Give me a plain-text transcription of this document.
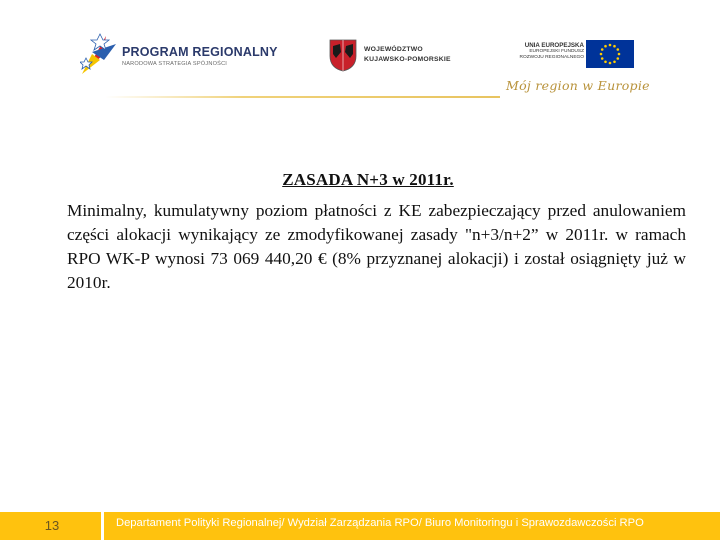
PROGRAM REGIONALNY
NARODOWA STRATEGIA SPÓJNOŚCI
WOJEWÓDZTWO
KUJAWSKO-POMORSKIE
UNIA EUROPEJSKA
EUROPEJSKI FUNDUSZ
ROZWOJU REGIONALNEGO
Mój region w Europie
ZASADA N+3 w 2011r.
Minimalny, kumulatywny poziom płatności z KE zabezpieczający przed anulowaniem części alokacji wynikający ze zmodyfikowanej zasady "n+3/n+2” w 2011r. w ramach RPO WK-P wynosi 73 069 440,20 € (8% przyznanej alokacji) i został osiągnięty już w 2010r.
13	Departament Polityki Regionalnej/ Wydział Zarządzania RPO/ Biuro Monitoringu i Sprawozdawczości RPO
